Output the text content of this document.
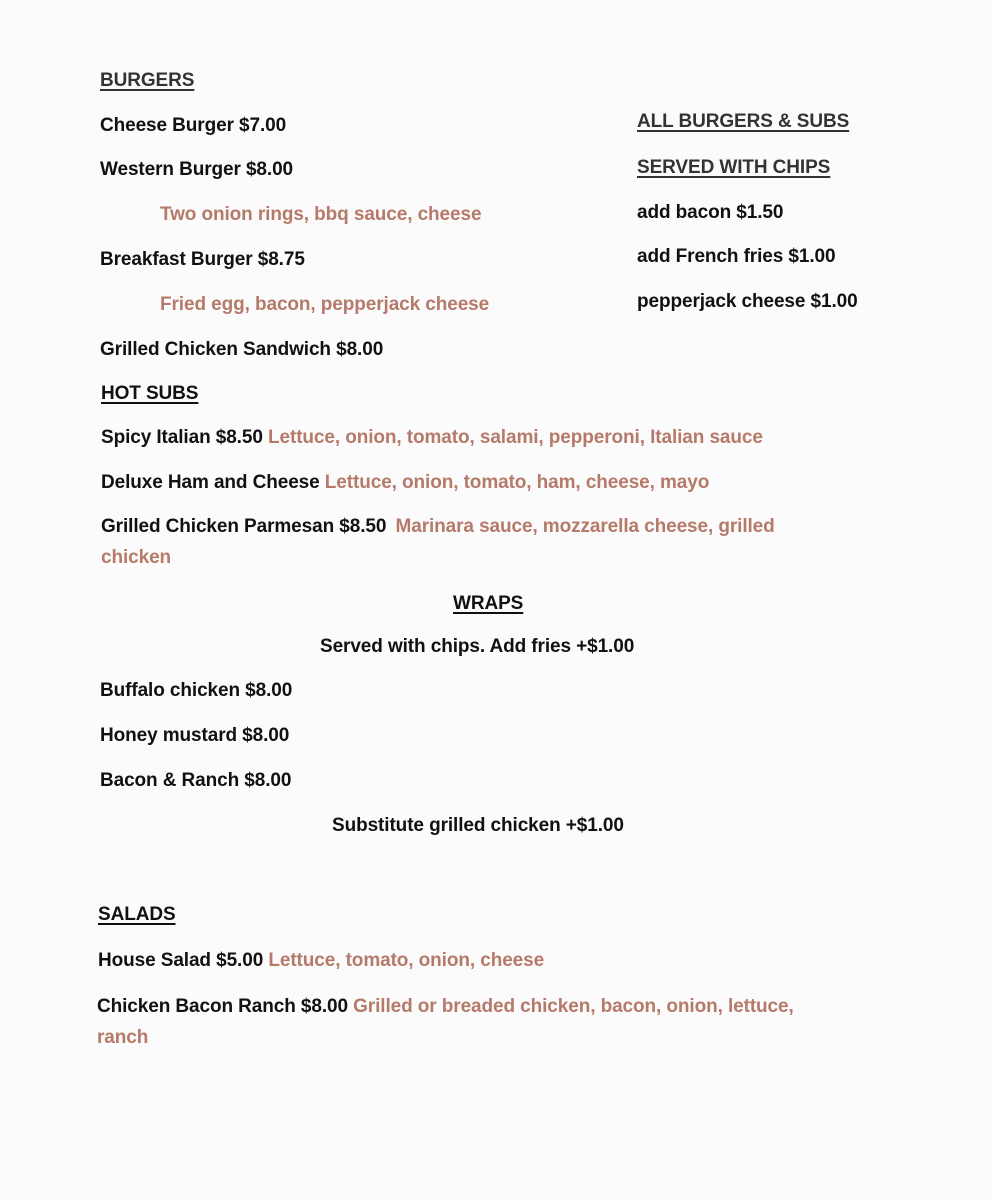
BURGERS
Cheese Burger $7.00
Western Burger $8.00
Two onion rings, bbq sauce, cheese
Breakfast Burger $8.75
Fried egg, bacon, pepperjack cheese
Grilled Chicken Sandwich $8.00
ALL BURGERS & SUBS
SERVED WITH CHIPS
add bacon $1.50
add French fries $1.00
pepperjack cheese $1.00
HOT SUBS
Spicy Italian $8.50 Lettuce, onion, tomato, salami, pepperoni, Italian sauce
Deluxe Ham and Cheese Lettuce, onion, tomato, ham, cheese, mayo
Grilled Chicken Parmesan $8.50 Marinara sauce, mozzarella cheese, grilled
chicken
WRAPS
Served with chips. Add fries +$1.00
Buffalo chicken $8.00
Honey mustard $8.00
Bacon & Ranch $8.00
Substitute grilled chicken +$1.00
SALADS
House Salad $5.00 Lettuce, tomato, onion, cheese
Chicken Bacon Ranch $8.00 Grilled or breaded chicken, bacon, onion, lettuce,
ranch
